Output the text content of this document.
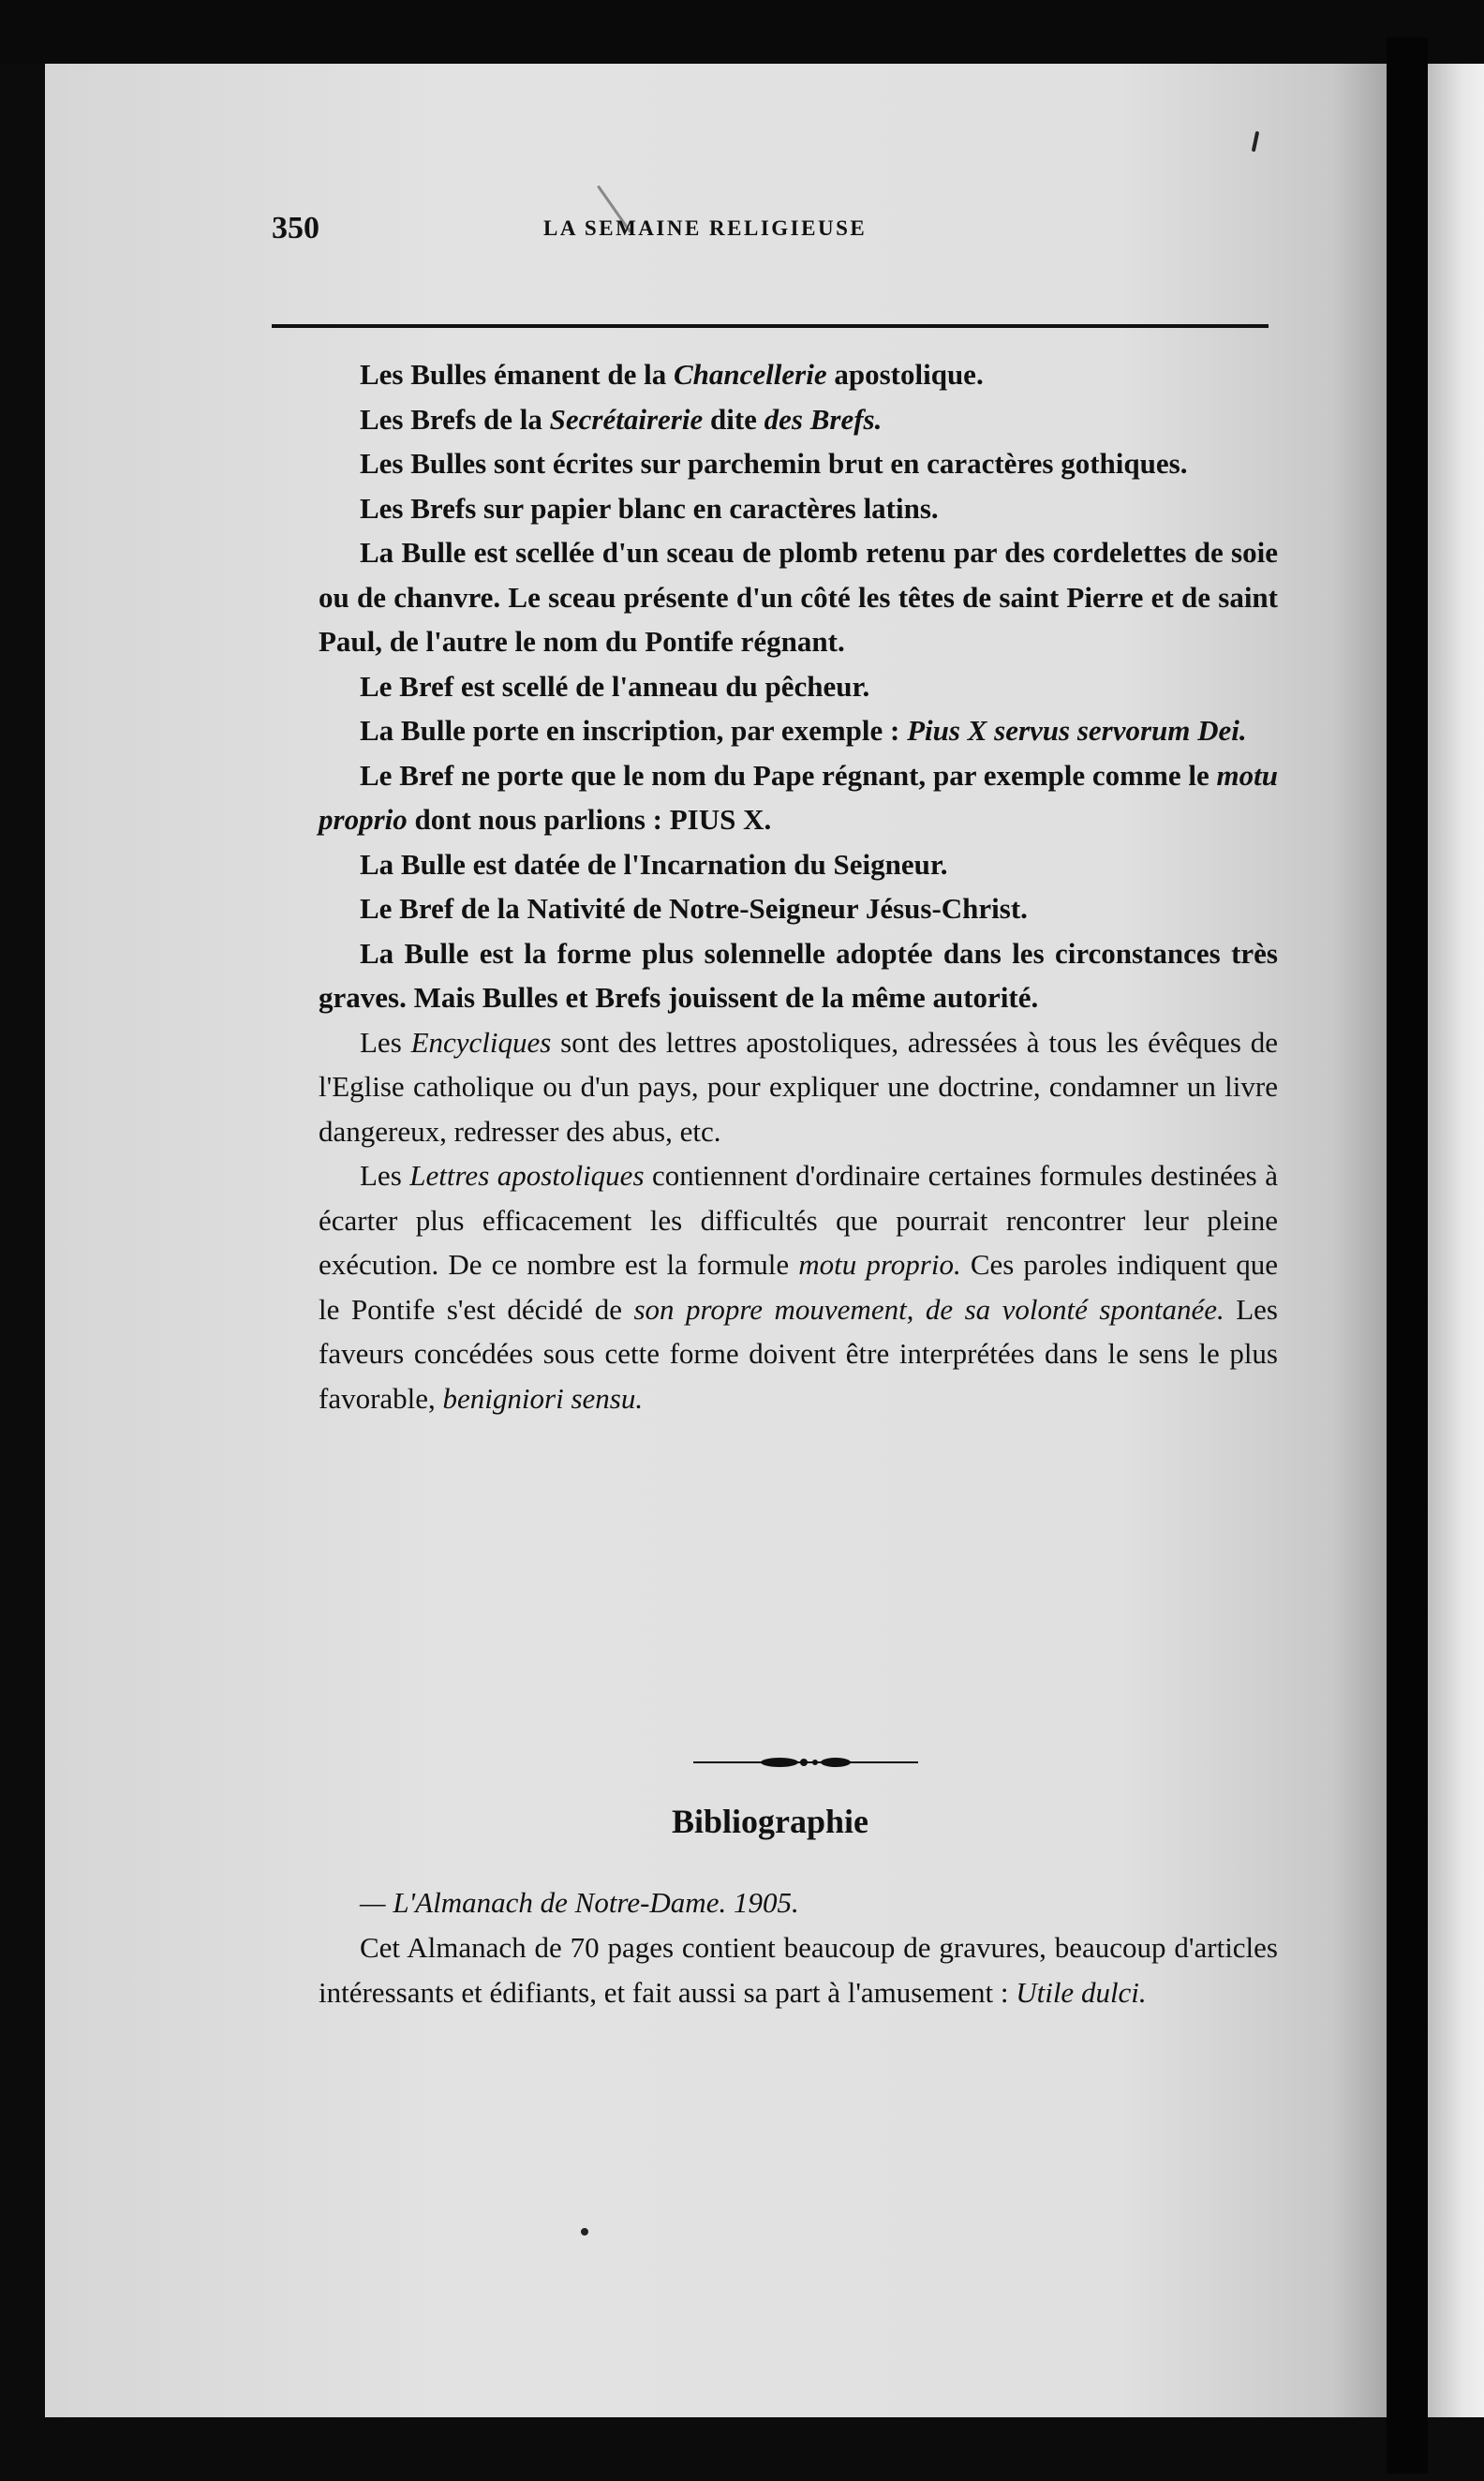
350	LA SEMAINE RELIGIEUSE

Les Bulles émanent de la Chancellerie apostolique.

Les Brefs de la Secrétairerie dite des Brefs.

Les Bulles sont écrites sur parchemin brut en caractères gothiques.

Les Brefs sur papier blanc en caractères latins.

La Bulle est scellée d'un sceau de plomb retenu par des cordelettes de soie ou de chanvre. Le sceau présente d'un côté les têtes de saint Pierre et de saint Paul, de l'autre le nom du Pontife régnant.

Le Bref est scellé de l'anneau du pêcheur.

La Bulle porte en inscription, par exemple : Pius X servus servorum Dei.

Le Bref ne porte que le nom du Pape régnant, par exemple comme le motu proprio dont nous parlions : PIUS X.

La Bulle est datée de l'Incarnation du Seigneur.

Le Bref de la Nativité de Notre-Seigneur Jésus-Christ.

La Bulle est la forme plus solennelle adoptée dans les circonstances très graves. Mais Bulles et Brefs jouissent de la même autorité.

Les Encycliques sont des lettres apostoliques, adressées à tous les évêques de l'Eglise catholique ou d'un pays, pour expliquer une doctrine, condamner un livre dangereux, redresser des abus, etc.

Les Lettres apostoliques contiennent d'ordinaire certaines formules destinées à écarter plus efficacement les difficultés que pourrait rencontrer leur pleine exécution. De ce nombre est la formule motu proprio. Ces paroles indiquent que le Pontife s'est décidé de son propre mouvement, de sa volonté spontanée. Les faveurs concédées sous cette forme doivent être interprétées dans le sens le plus favorable, benigniori sensu.

Bibliographie

— L'Almanach de Notre-Dame. 1905.

Cet Almanach de 70 pages contient beaucoup de gravures, beaucoup d'articles intéressants et édifiants, et fait aussi sa part à l'amusement : Utile dulci.
